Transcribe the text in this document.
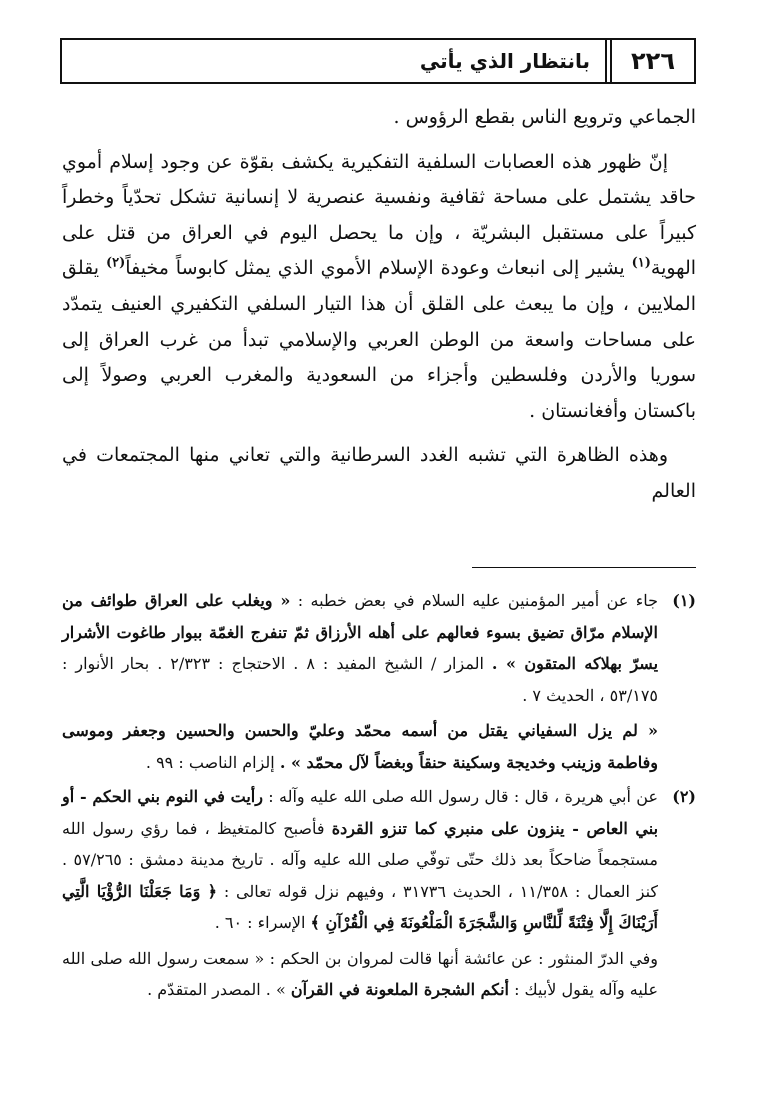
٢٢٦
بانتظار الذي يأتي

الجماعي وترويع الناس بقطع الرؤوس .

إنّ ظهور هذه العصابات السلفية التفكيرية يكشف بقوّة عن وجود إسلام أموي حاقد يشتمل على مساحة ثقافية ونفسية عنصرية لا إنسانية تشكل تحدّياً وخطراً كبيراً على مستقبل البشريّة ، وإن ما يحصل اليوم في العراق من قتل على الهوية$^{(١)}$ يشير إلى انبعاث وعودة الإسلام الأموي الذي يمثل كابوساً مخيفاً$^{(٢)}$ يقلق الملايين ، وإن ما يبعث على القلق أن هذا التيار السلفي التكفيري العنيف يتمدّد على مساحات واسعة من الوطن العربي والإسلامي تبدأ من غرب العراق إلى سوريا والأردن وفلسطين وأجزاء من السعودية والمغرب العربي وصولاً إلى باكستان وأفغانستان .

وهذه الظاهرة التي تشبه الغدد السرطانية والتي تعاني منها المجتمعات في العالم

(١)

جاء عن أمير المؤمنين عليه السلام في بعض خطبه : « ويغلب على العراق طوائف من الإسلام مرّاق تضيق بسوء فعالهم على أهله الأرزاق ثمّ تنفرج الغمّة ببوار طاغوت الأشرار يسرّ بهلاكه المتقون » . المزار / الشيخ المفيد : ٨ . الاحتجاج : ٢/٣٢٣ . بحار الأنوار : ٥٣/١٧٥ ، الحديث ٧ .

« لم يزل السفياني يقتل من أسمه محمّد وعليّ والحسن والحسين وجعفر وموسى وفاطمة وزينب وخديجة وسكينة حنقاً وبغضاً لآل محمّد » . إلزام الناصب : ٩٩ .

(٢)

عن أبي هريرة ، قال : قال رسول الله صلى الله عليه وآله : رأيت في النوم بني الحكم - أو بني العاص - ينزون على منبري كما تنزو القردة فأصبح كالمتغيظ ، فما رؤي رسول الله مستجمعاً ضاحكاً بعد ذلك حتّى توفّي صلى الله عليه وآله . تاريخ مدينة دمشق : ٥٧/٢٦٥ . كنز العمال : ١١/٣٥٨ ، الحديث ٣١٧٣٦ ، وفيهم نزل قوله تعالى : ﴿ وَمَا جَعَلْنَا الرُّؤْيَا الَّتِي أَرَيْنَاكَ إِلَّا فِتْنَةً لِّلنَّاسِ وَالشَّجَرَةَ الْمَلْعُونَةَ فِي الْقُرْآنِ ﴾ الإسراء : ٦٠ .

وفي الدرّ المنثور : عن عائشة أنها قالت لمروان بن الحكم : « سمعت رسول الله صلى الله عليه وآله يقول لأبيك : أنكم الشجرة الملعونة في القرآن » . المصدر المتقدّم .
